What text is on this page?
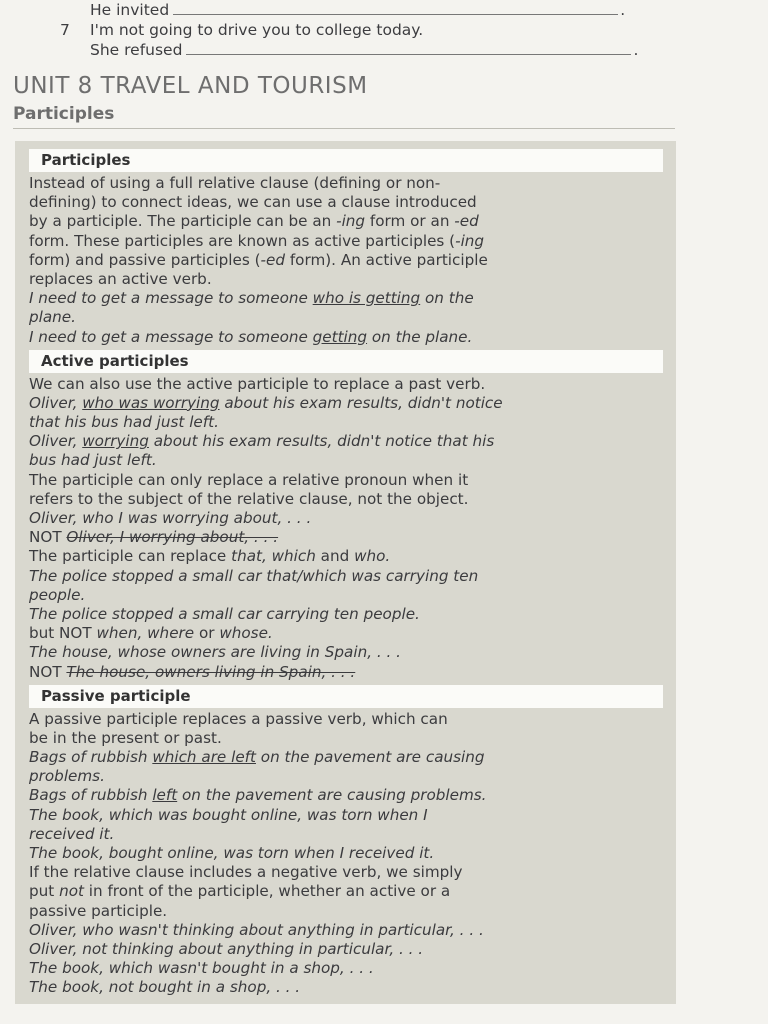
He invited	.
7	I'm not going to drive you to college today.
She refused	.
UNIT 8 TRAVEL AND TOURISM
Participles
Participles
Instead of using a full relative clause (defining or non-
defining) to connect ideas, we can use a clause introduced
by a participle. The participle can be an -ing form or an -ed
form. These participles are known as active participles (-ing
form) and passive participles (-ed form). An active participle
replaces an active verb.
I need to get a message to someone who is getting on the
plane.
I need to get a message to someone getting on the plane.
Active participles
We can also use the active participle to replace a past verb.
Oliver, who was worrying about his exam results, didn't notice
that his bus had just left.
Oliver, worrying about his exam results, didn't notice that his
bus had just left.
The participle can only replace a relative pronoun when it
refers to the subject of the relative clause, not the object.
Oliver, who I was worrying about, . . .
NOT Oliver, I worrying about, . . .
The participle can replace that, which and who.
The police stopped a small car that/which was carrying ten
people.
The police stopped a small car carrying ten people.
but NOT when, where or whose.
The house, whose owners are living in Spain, . . .
NOT The house, owners living in Spain, . . .
Passive participle
A passive participle replaces a passive verb, which can
be in the present or past.
Bags of rubbish which are left on the pavement are causing
problems.
Bags of rubbish left on the pavement are causing problems.
The book, which was bought online, was torn when I
received it.
The book, bought online, was torn when I received it.
If the relative clause includes a negative verb, we simply
put not in front of the participle, whether an active or a
passive participle.
Oliver, who wasn't thinking about anything in particular, . . .
Oliver, not thinking about anything in particular, . . .
The book, which wasn't bought in a shop, . . .
The book, not bought in a shop, . . .
